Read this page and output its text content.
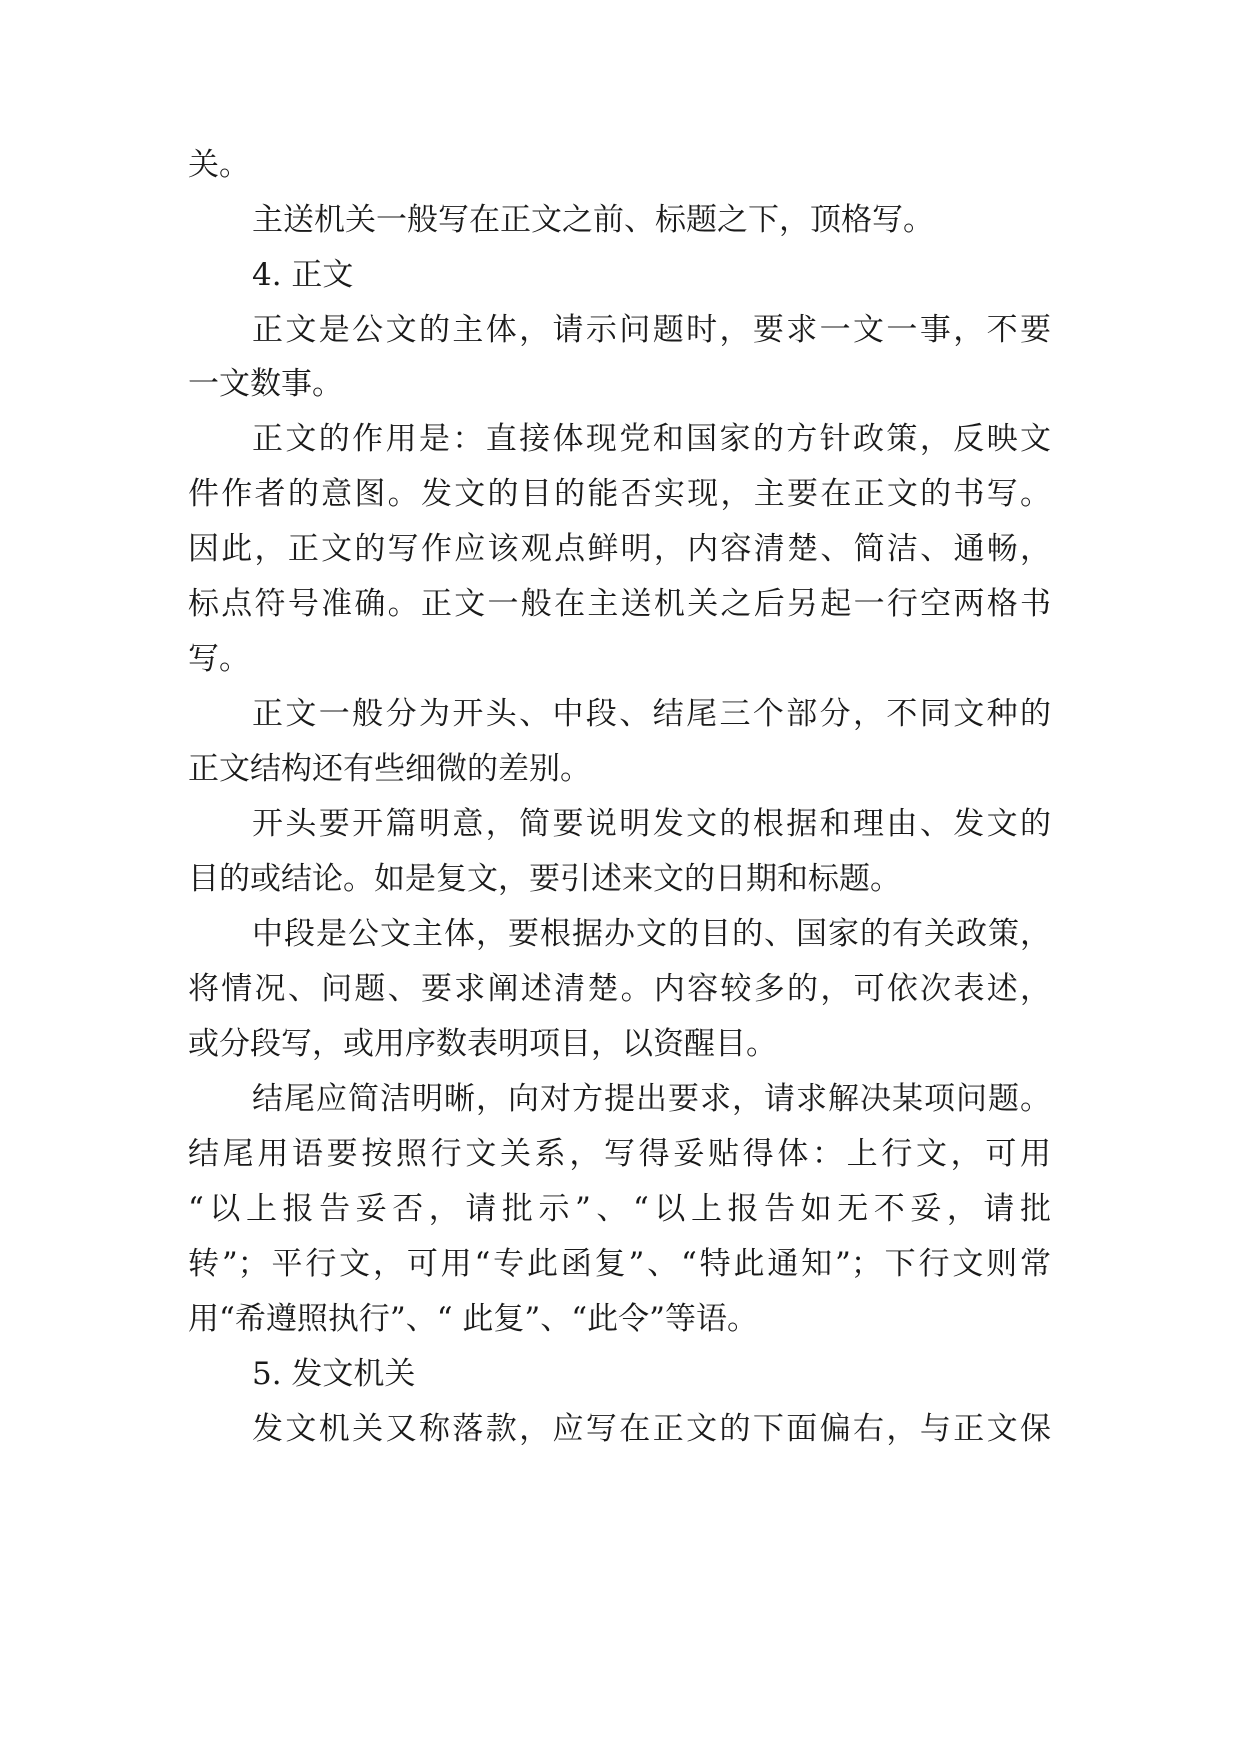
关。
主送机关一般写在正文之前、标题之下，顶格写。
4. 正文
正文是公文的主体，请示问题时，要求一文一事，不要
一文数事。
正文的作用是：直接体现党和国家的方针政策，反映文
件作者的意图。发文的目的能否实现，主要在正文的书写。
因此，正文的写作应该观点鲜明，内容清楚、简洁、通畅，
标点符号准确。正文一般在主送机关之后另起一行空两格书
写。
正文一般分为开头、中段、结尾三个部分，不同文种的
正文结构还有些细微的差别。
开头要开篇明意，简要说明发文的根据和理由、发文的
目的或结论。如是复文，要引述来文的日期和标题。
中段是公文主体，要根据办文的目的、国家的有关政策，
将情况、问题、要求阐述清楚。内容较多的，可依次表述，
或分段写，或用序数表明项目，以资醒目。
结尾应简洁明晰，向对方提出要求，请求解决某项问题。
结尾用语要按照行文关系，写得妥贴得体：上行文，可用
“以上报告妥否，请批示”、“以上报告如无不妥，请批
转”；平行文，可用“专此函复”、“特此通知”；下行文则常
用“希遵照执行”、“ 此复”、“此令”等语。
5. 发文机关
发文机关又称落款，应写在正文的下面偏右，与正文保
